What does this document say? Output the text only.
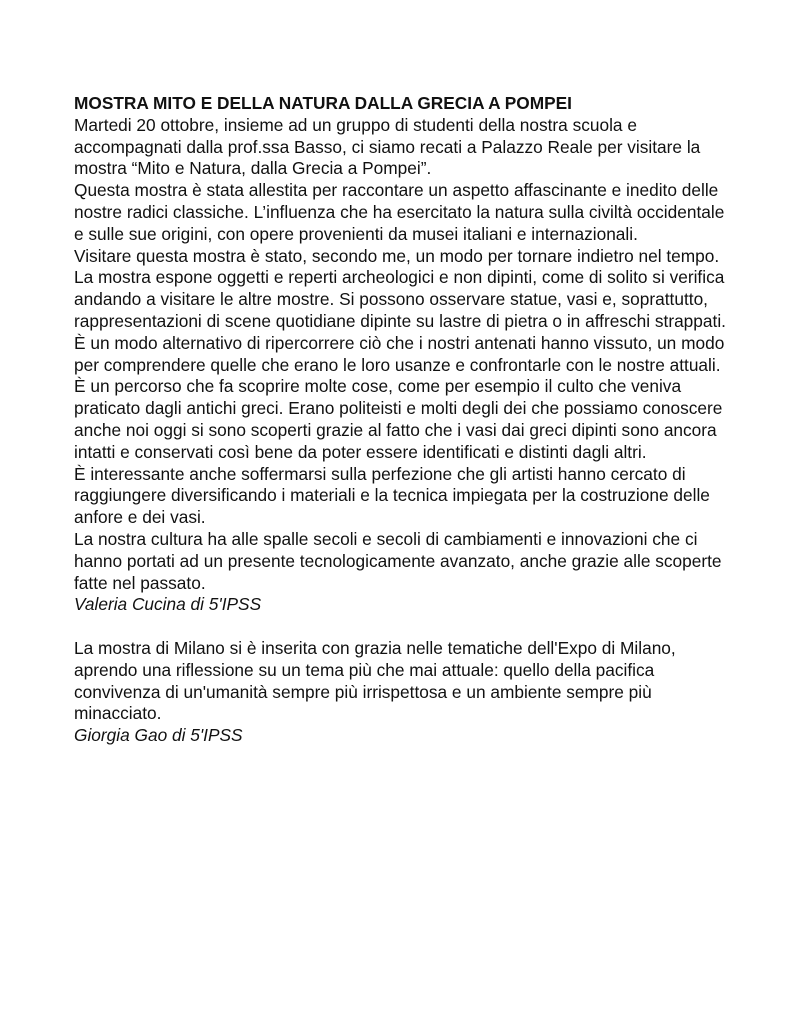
MOSTRA MITO E DELLA NATURA DALLA GRECIA A POMPEI

Martedi 20 ottobre, insieme ad un gruppo di studenti della nostra scuola e accompagnati dalla prof.ssa Basso, ci siamo recati a Palazzo Reale per visitare la mostra “Mito e Natura, dalla Grecia a Pompei”.

Questa mostra è stata allestita per raccontare un aspetto affascinante e inedito delle nostre radici classiche. L’influenza che ha esercitato la natura sulla civiltà occidentale e sulle sue origini, con opere provenienti da musei italiani e internazionali.

Visitare questa mostra è stato, secondo me, un modo per tornare indietro nel tempo.

La mostra espone oggetti e reperti archeologici e non dipinti, come di solito si verifica andando a visitare le altre mostre. Si possono osservare statue, vasi e, soprattutto, rappresentazioni di scene quotidiane dipinte su lastre di pietra o in affreschi strappati.

È un modo alternativo di ripercorrere ciò che i nostri antenati hanno vissuto, un modo per comprendere quelle che erano le loro usanze e confrontarle con le nostre attuali. È un percorso che fa scoprire molte cose, come per esempio il culto che veniva praticato dagli antichi greci. Erano politeisti e molti degli dei che possiamo conoscere anche noi oggi si sono scoperti grazie al fatto che i vasi dai greci dipinti sono ancora intatti e conservati così bene da poter essere identificati e distinti dagli altri.

È interessante anche soffermarsi sulla perfezione che gli artisti hanno cercato di raggiungere diversificando i materiali e la tecnica impiegata per la costruzione delle anfore e dei vasi.

La nostra cultura ha alle spalle secoli e secoli di cambiamenti e innovazioni che ci hanno portati ad un presente tecnologicamente avanzato, anche grazie alle scoperte fatte nel passato.

Valeria Cucina di 5'IPSS

La mostra di Milano si è inserita con grazia nelle tematiche dell'Expo di Milano, aprendo una riflessione su un tema più che mai attuale: quello della pacifica convivenza di un'umanità sempre più irrispettosa e un ambiente sempre più minacciato.

Giorgia Gao di 5'IPSS
